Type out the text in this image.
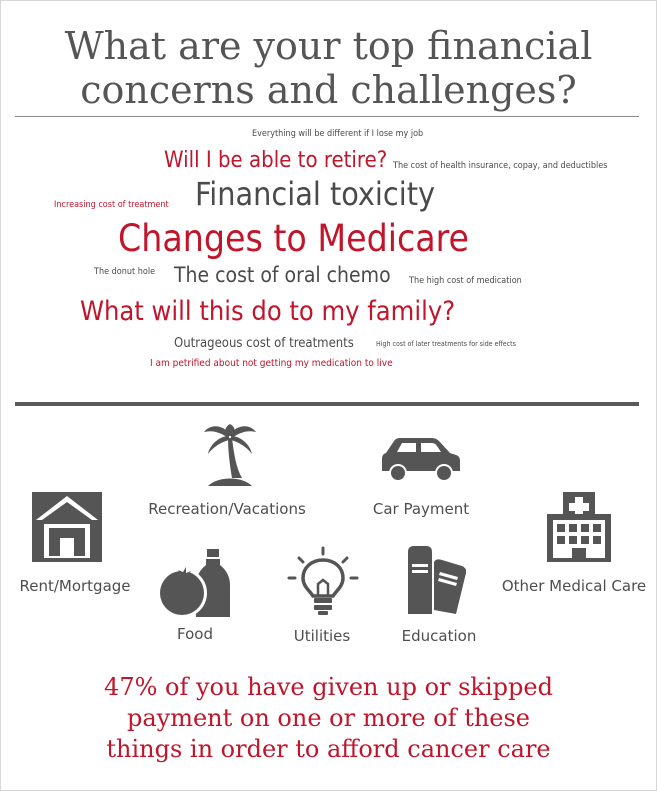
What are your top financial
concerns and challenges?
Everything will be different if I lose my job
Will I be able to retire? The cost of health insurance, copay, and deductibles
Increasing cost of treatment Financial toxicity
Changes to Medicare
The donut hole The cost of oral chemo The high cost of medication
What will this do to my family?
Outrageous cost of treatments	High cost of later treatments for side effects
I am petrified about not getting my medication to live
Rent/Mortgage
Recreation/Vacations	Car Payment
Other Medical Care
Food	Utilities	Education

47% of you have given up or skipped
payment on one or more of these
things in order to afford cancer care
